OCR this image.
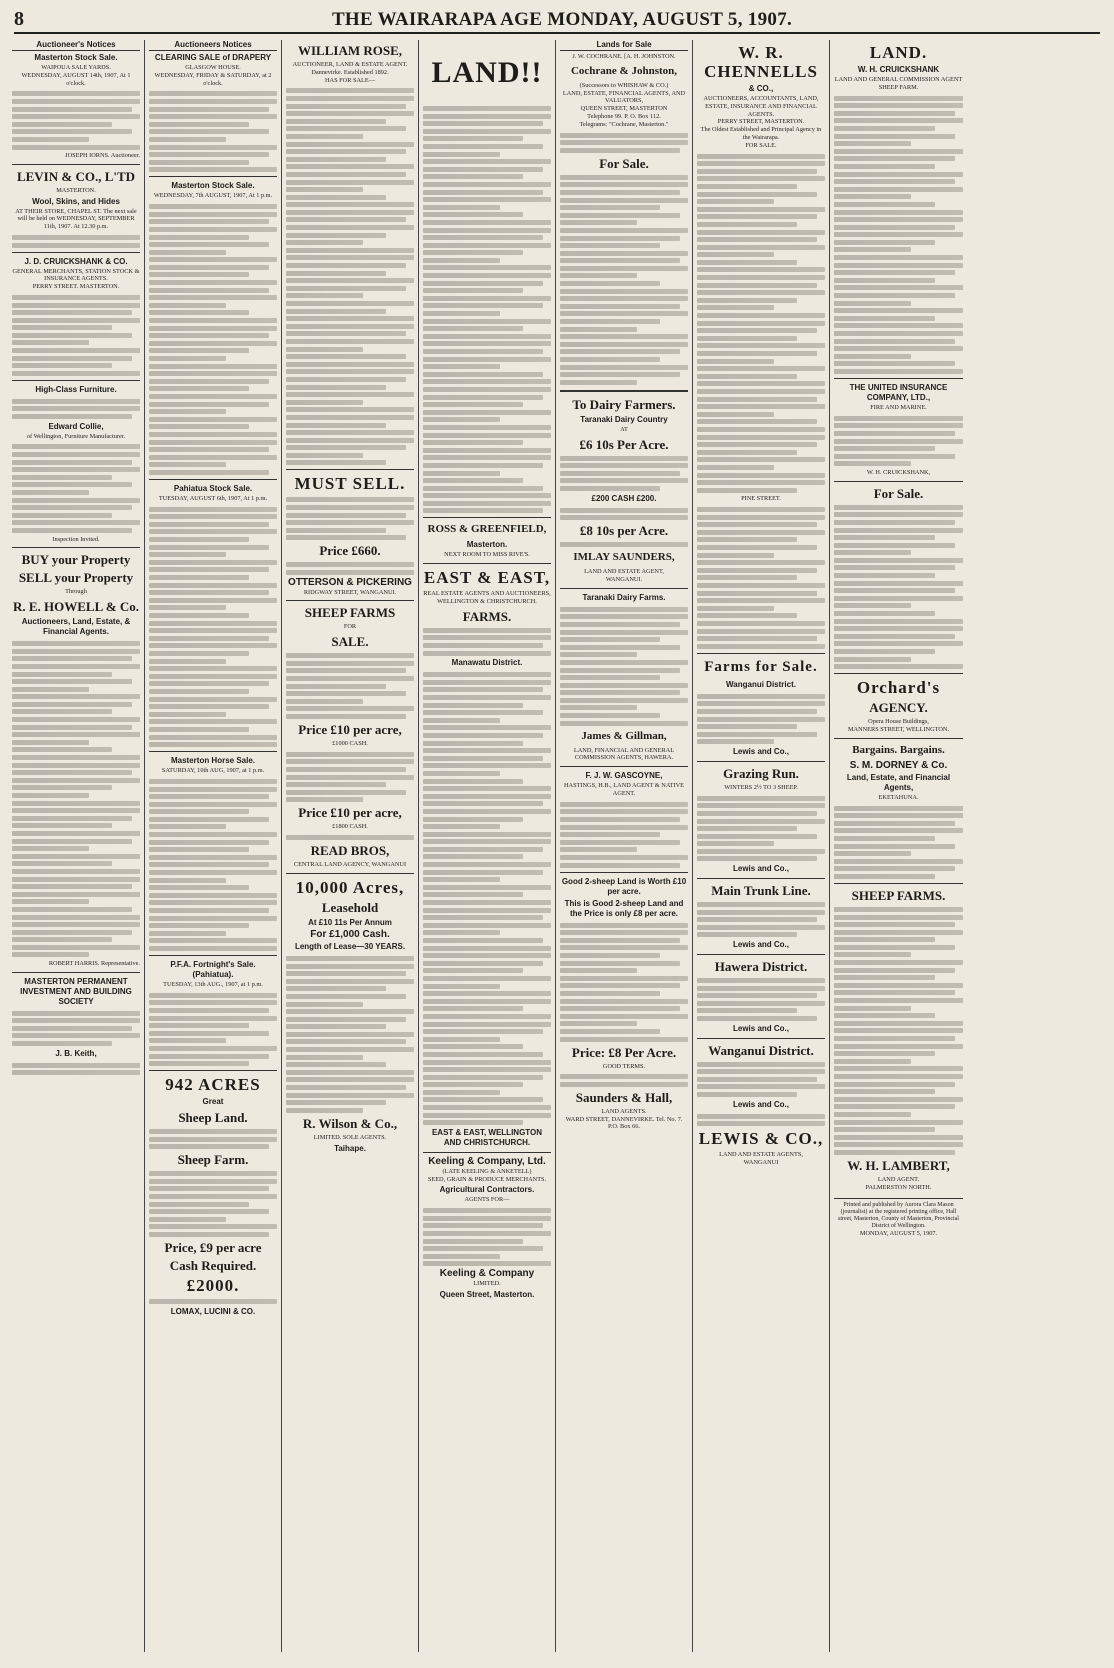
8	THE WAIRARAPA AGE MONDAY, AUGUST 5, 1907.
Auctioneer's Notices
Masterton Stock Sale.
WAIPOUA SALE YARDS.
WEDNESDAY, AUGUST 14th, 1907, At 1 o'clock.
JOSEPH IORNS. Auctioneer.
LEVIN & CO., L'TD
MASTERTON.
Wool, Skins, and Hides
AT THEIR STORE, CHAPEL ST. The next sale will be held on WEDNESDAY, SEPTEMBER 11th, 1907. At 12.30 p.m.
J. D. CRUICKSHANK & CO.
GENERAL MERCHANTS, STATION STOCK & INSURANCE AGENTS.
PERRY STREET. MASTERTON.
High-Class Furniture.
Edward Collie,
of Wellington, Furniture Manufacturer.
Inspection Invited.
BUY your Property
SELL your Property
Through
R. E. HOWELL & Co.
Auctioneers, Land, Estate, & Financial Agents.
ROBERT HARRIS. Representative.
MASTERTON PERMANENT INVESTMENT AND BUILDING SOCIETY
J. B. Keith,
Auctioneers Notices
CLEARING SALE of DRAPERY
GLASGOW HOUSE.
WEDNESDAY, FRIDAY & SATURDAY, at 2 o'clock.
Masterton Stock Sale.
WEDNESDAY, 7th AUGUST, 1907, At 1 p.m.
Pahiatua Stock Sale.
TUESDAY, AUGUST 6th, 1907, At 1 p.m.
Masterton Horse Sale.
SATURDAY, 10th AUG, 1907, at 1 p.m.
P.F.A. Fortnight's Sale. (Pahiatua).
TUESDAY, 13th AUG., 1907, at 1 p.m.
942 ACRES
Great
Sheep Land.
Sheep Farm.
Price, £9 per acre
Cash Required.
£2000.
LOMAX, LUCINI & CO.
WILLIAM ROSE,
AUCTIONEER, LAND & ESTATE AGENT. Dannevirke. Established 1892.
HAS FOR SALE—
MUST SELL.
Price £660.
OTTERSON & PICKERING
RIDGWAY STREET, WANGANUI.
SHEEP FARMS
FOR
SALE.
Price £10 per acre,
£1000 CASH.
Price £10 per acre,
£1800 CASH.
READ BROS,
CENTRAL LAND AGENCY, WANGANUI
10,000 Acres,
Leasehold
At £10 11s Per Annum
For £1,000 Cash.
Length of Lease—30 YEARS.
R. Wilson & Co.,
LIMITED. SOLE AGENTS.
Taihape.
LAND!!
ROSS & GREENFIELD,
Masterton.
NEXT ROOM TO MISS RIVE'S.
EAST & EAST,
REAL ESTATE AGENTS AND AUCTIONEERS, WELLINGTON & CHRISTCHURCH.
FARMS.
Manawatu District.
EAST & EAST, WELLINGTON AND CHRISTCHURCH.
Keeling & Company, Ltd.
(LATE KEELING & ANKETELL)
SEED, GRAIN & PRODUCE MERCHANTS.
Agricultural Contractors.
AGENTS FOR—
Keeling & Company
LIMITED.
Queen Street, Masterton.
Lands for Sale
J. W. COCHRANE. [A. H. JOHNSTON.
Cochrane & Johnston,
(Successors to WHISHAW & CO.)
LAND, ESTATE, FINANCIAL AGENTS, AND VALUATORS,
QUEEN STREET, MASTERTON
Telephone 99. P. O. Box 112.
Telegrams: "Cochrane, Masterton."
For Sale.
To Dairy Farmers.
Taranaki Dairy Country
AT
£6 10s Per Acre.
£200 CASH £200.
£8 10s per Acre.
IMLAY SAUNDERS,
LAND AND ESTATE AGENT,
WANGANUI.
Taranaki Dairy Farms.
James & Gillman,
LAND, FINANCIAL AND GENERAL COMMISSION AGENTS, HAWERA.
F. J. W. GASCOYNE,
HASTINGS, H.B., LAND AGENT & NATIVE AGENT.
Good 2-sheep Land is Worth £10 per acre.
This is Good 2-sheep Land and the Price is only £8 per acre.
Price: £8 Per Acre.
GOOD TERMS.
Saunders & Hall,
LAND AGENTS.
WARD STREET, DANNEVIRKE. Tel. No. 7. P.O. Box 66.
W. R. CHENNELLS
& CO.,
AUCTIONEERS, ACCOUNTANTS, LAND, ESTATE, INSURANCE AND FINANCIAL AGENTS.
PERRY STREET, MASTERTON.
The Oldest Established and Principal Agency in the Wairarapa.
FOR SALE.
PINE STREET.
Farms for Sale.
Wanganui District.
Lewis and Co.,
Grazing Run.
WINTERS 2½ TO 3 SHEEP.
Lewis and Co.,
Main Trunk Line.
Lewis and Co.,
Hawera District.
Lewis and Co.,
Wanganui District.
Lewis and Co.,
LEWIS & CO.,
LAND AND ESTATE AGENTS,
WANGANUI
LAND.
W. H. CRUICKSHANK
LAND AND GENERAL COMMISSION AGENT
SHEEP FARM.
THE UNITED INSURANCE COMPANY, LTD.,
FIRE AND MARINE.
W. H. CRUICKSHANK,
For Sale.
Orchard's
AGENCY.
Opera House Buildings,
MANNERS STREET, WELLINGTON.
Bargains. Bargains.
S. M. DORNEY & Co.
Land, Estate, and Financial Agents,
EKETAHUNA.
SHEEP FARMS.
W. H. LAMBERT,
LAND AGENT.
PALMERSTON NORTH.
Printed and published by Aurora Clara Mason (journalist) at the registered printing office, Hall street, Masterton, County of Masterton, Provincial District of Wellington.
MONDAY, AUGUST 5, 1907.
